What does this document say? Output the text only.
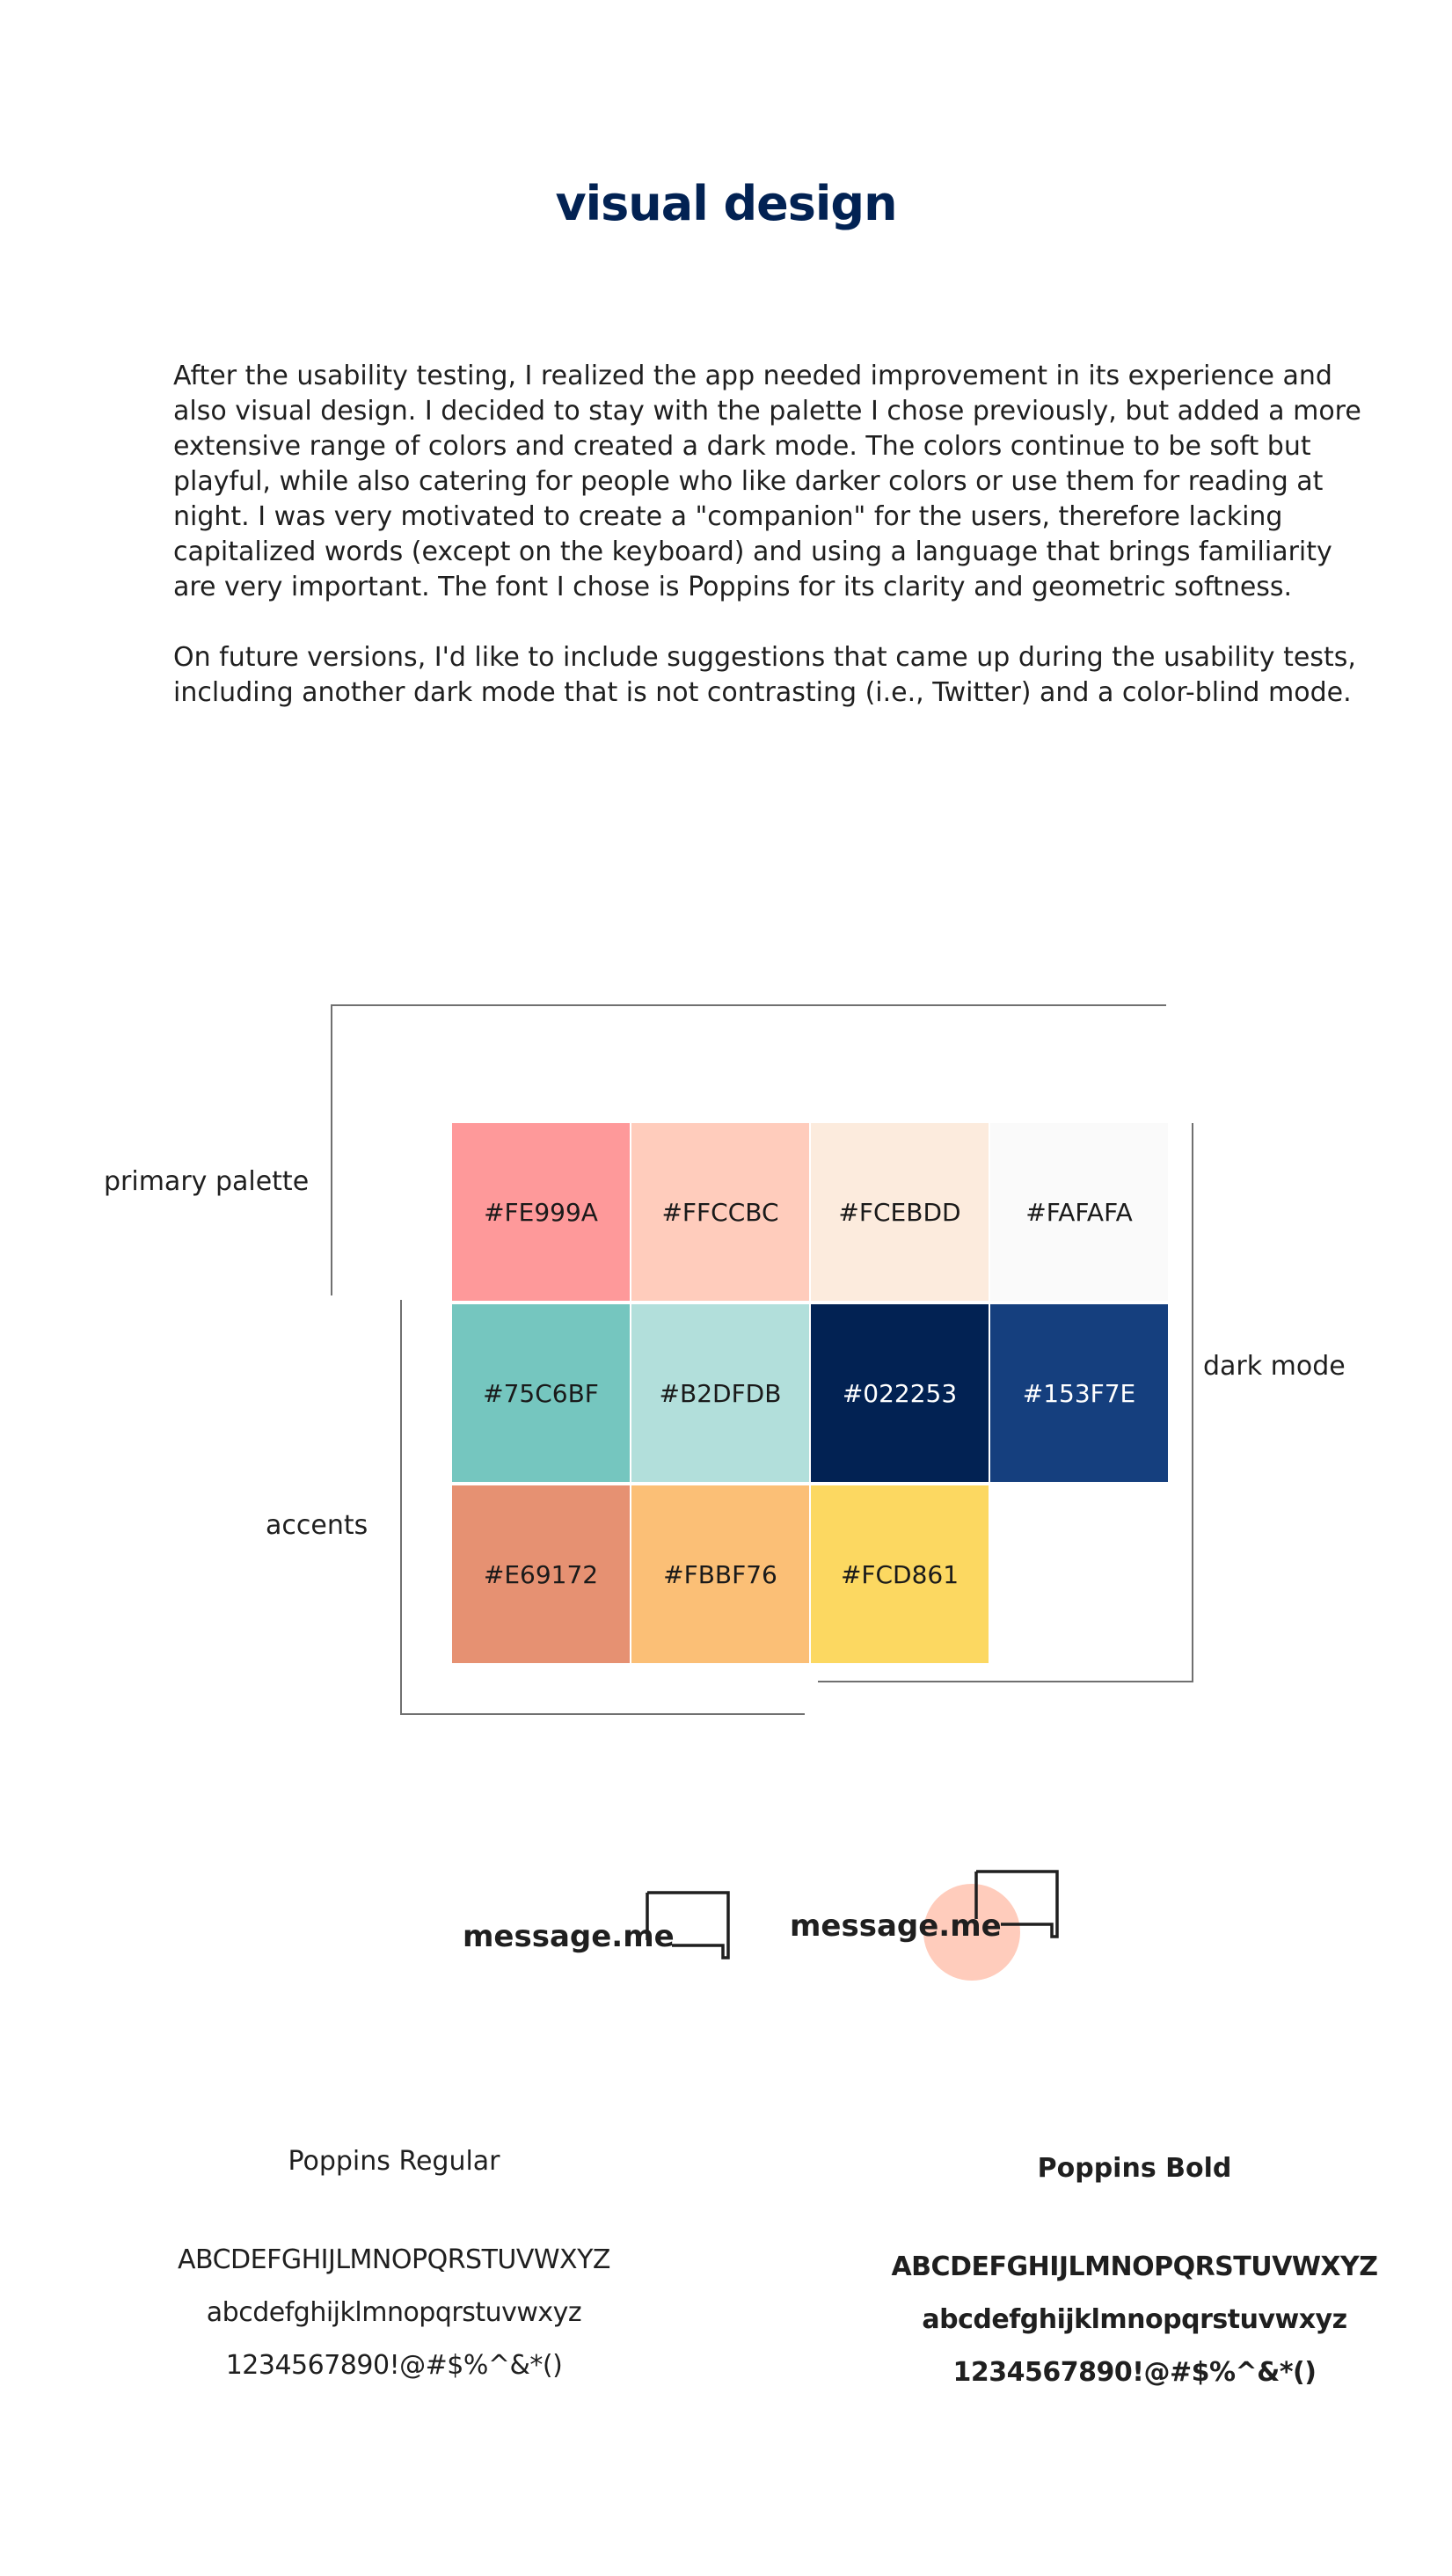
visual design

After the usability testing, I realized the app needed improvement in its experience and also visual design. I decided to stay with the palette I chose previously, but added a more extensive range of colors and created a dark mode. The colors continue to be soft but playful, while also catering for people who like darker colors or use them for reading at night. I was very motivated to create a "companion" for the users, therefore lacking capitalized words (except on the keyboard) and using a language that brings familiarity are very important. The font I chose is Poppins for its clarity and geometric softness.

On future versions, I'd like to include suggestions that came up during the usability tests, including another dark mode that is not contrasting (i.e., Twitter) and a color-blind mode.

primary palette
dark mode
accents
#FE999A	#FFCCBC #FCEBDD	#FAFAFA
#75C6BF #B2DFDB #022253	#153F7E
#E69172	#FBBF76	#FCD861
message.me	message.me
Poppins Regular
ABCDEFGHIJLMNOPQRSTUVWXYZ
abcdefghijklmnopqrstuvwxyz
1234567890!@#$%^&*()
Poppins Bold
ABCDEFGHIJLMNOPQRSTUVWXYZ
abcdefghijklmnopqrstuvwxyz
1234567890!@#$%^&*()
